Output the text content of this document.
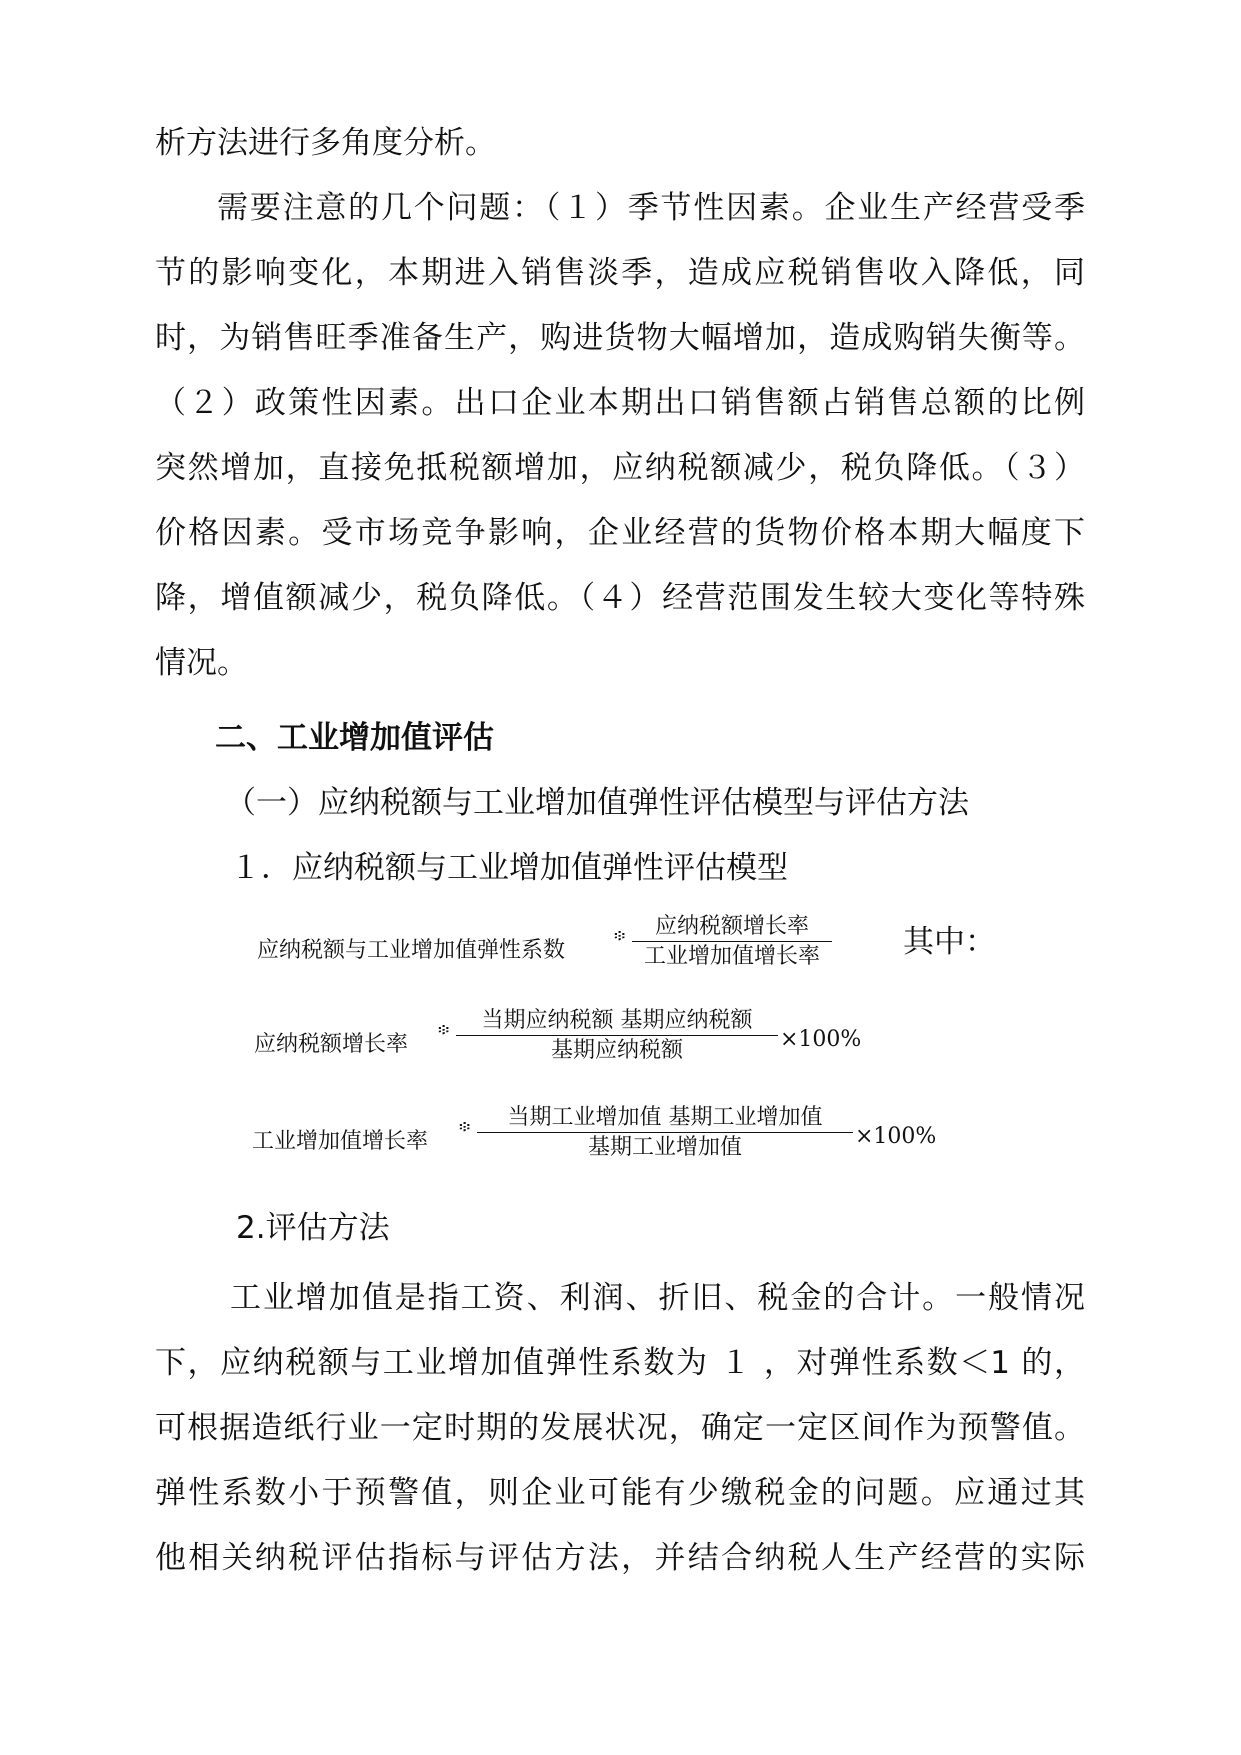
析方法进行多角度分析。
需要注意的几个问题：（１）季节性因素。企业生产经营受季
节的影响变化，本期进入销售淡季，造成应税销售收入降低，同
时，为销售旺季准备生产，购进货物大幅增加，造成购销失衡等。
（２）政策性因素。出口企业本期出口销售额占销售总额的比例
突然增加，直接免抵税额增加，应纳税额减少，税负降低。（３）
价格因素。受市场竞争影响，企业经营的货物价格本期大幅度下
降，增值额减少，税负降低。（４）经营范围发生较大变化等特殊
情况。
二、工业增加值评估
（一）应纳税额与工业增加值弹性评估模型与评估方法
１．应纳税额与工业增加值弹性评估模型
应纳税额与工业增加值弹性系数
፨	应纳税额增长率
工业增加值增长率	其中：
应纳税额增长率
፨	当期应纳税额 基期应纳税额
基期应纳税额	×100%
工业增加值增长率
፨	当期工业增加值 基期工业增加值
基期工业增加值	×100%
2.评估方法
工业增加值是指工资、利润、折旧、税金的合计。一般情况
下，应纳税额与工业增加值弹性系数为 １ ，对弹性系数＜1 的，
可根据造纸行业一定时期的发展状况，确定一定区间作为预警值。
弹性系数小于预警值，则企业可能有少缴税金的问题。应通过其
他相关纳税评估指标与评估方法，并结合纳税人生产经营的实际
